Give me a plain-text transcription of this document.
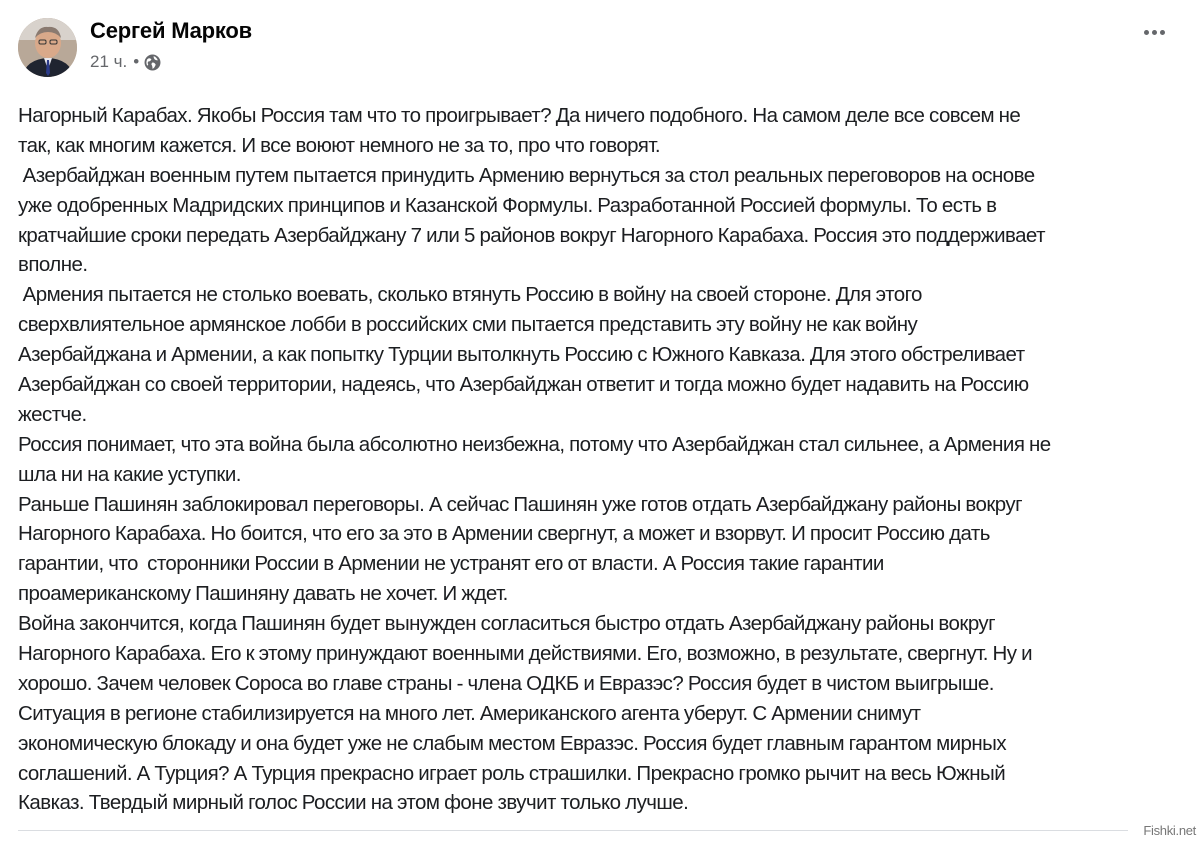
Сергей Марков
21 ч. •
Нагорный Карабах. Якобы Россия там что то проигрывает? Да ничего подобного. На самом деле все совсем не
так, как многим кажется. И все воюют немного не за то, про что говорят.
Азербайджан военным путем пытается принудить Армению вернуться за стол реальных переговоров на основе
уже одобренных Мадридских принципов и Казанской Формулы. Разработанной Россией формулы. То есть в
кратчайшие сроки передать Азербайджану 7 или 5 районов вокруг Нагорного Карабаха. Россия это поддерживает
вполне.
Армения пытается не столько воевать, сколько втянуть Россию в войну на своей стороне. Для этого
сверхвлиятельное армянское лобби в российских сми пытается представить эту войну не как войну
Азербайджана и Армении, а как попытку Турции вытолкнуть Россию с Южного Кавказа. Для этого обстреливает
Азербайджан со своей территории, надеясь, что Азербайджан ответит и тогда можно будет надавить на Россию
жестче.
Россия понимает, что эта война была абсолютно неизбежна, потому что Азербайджан стал сильнее, а Армения не
шла ни на какие уступки.
Раньше Пашинян заблокировал переговоры. А сейчас Пашинян уже готов отдать Азербайджану районы вокруг
Нагорного Карабаха. Но боится, что его за это в Армении свергнут, а может и взорвут. И просит Россию дать
гарантии, что  сторонники России в Армении не устранят его от власти. А Россия такие гарантии
проамериканскому Пашиняну давать не хочет. И ждет.
Война закончится, когда Пашинян будет вынужден согласиться быстро отдать Азербайджану районы вокруг
Нагорного Карабаха. Его к этому принуждают военными действиями. Его, возможно, в результате, свергнут. Ну и
хорошо. Зачем человек Сороса во главе страны - члена ОДКБ и Евразэс? Россия будет в чистом выигрыше.
Ситуация в регионе стабилизируется на много лет. Американского агента уберут. С Армении снимут
экономическую блокаду и она будет уже не слабым местом Евразэс. Россия будет главным гарантом мирных
соглашений. А Турция? А Турция прекрасно играет роль страшилки. Прекрасно громко рычит на весь Южный
Кавказ. Твердый мирный голос России на этом фоне звучит только лучше.
Fishki.net
